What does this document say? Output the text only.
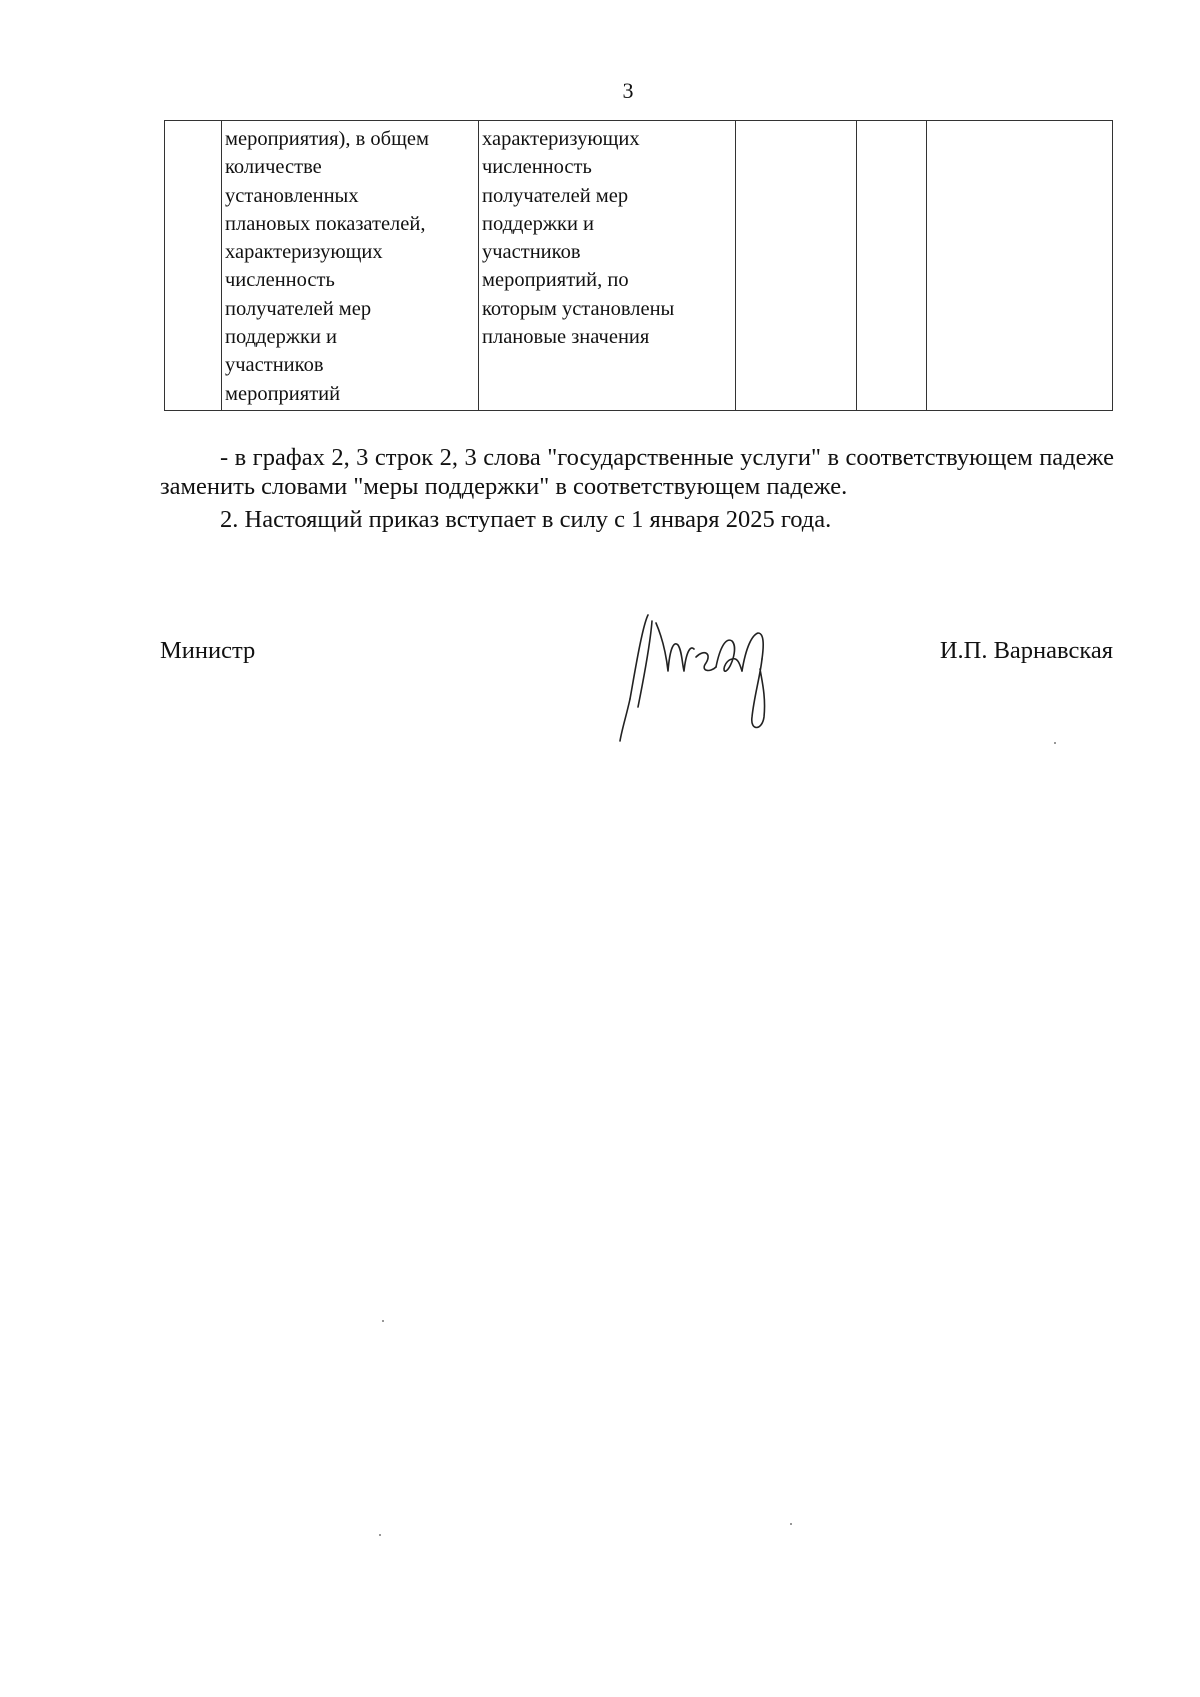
3

мероприятия), в общем
количестве
установленных
плановых показателей,
характеризующих
численность
получателей мер
поддержки и
участников
мероприятий

характеризующих
численность
получателей мер
поддержки и
участников
мероприятий, по
которым установлены
плановые значения

- в графах 2, 3 строк 2, 3 слова "государственные услуги" в соответствующем падеже заменить словами "меры поддержки" в соответствующем падеже.

2. Настоящий приказ вступает в силу с 1 января 2025 года.

Министр	И.П. Варнавская
